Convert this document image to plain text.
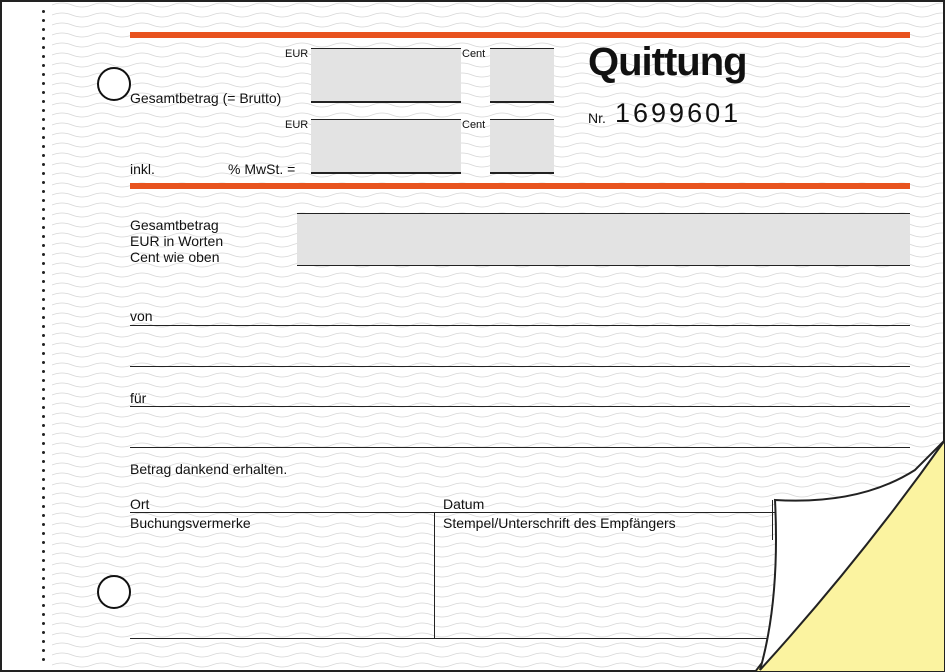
EUR	Cent
Gesamtbetrag (= Brutto)
EUR	Cent
inkl.	% MwSt. =
Quittung
Nr. 1699601
Gesamtbetrag
EUR in Worten
Cent wie oben
von
für
Betrag dankend erhalten.
Ort	Datum
Buchungsvermerke	Stempel/Unterschrift des Empfängers
